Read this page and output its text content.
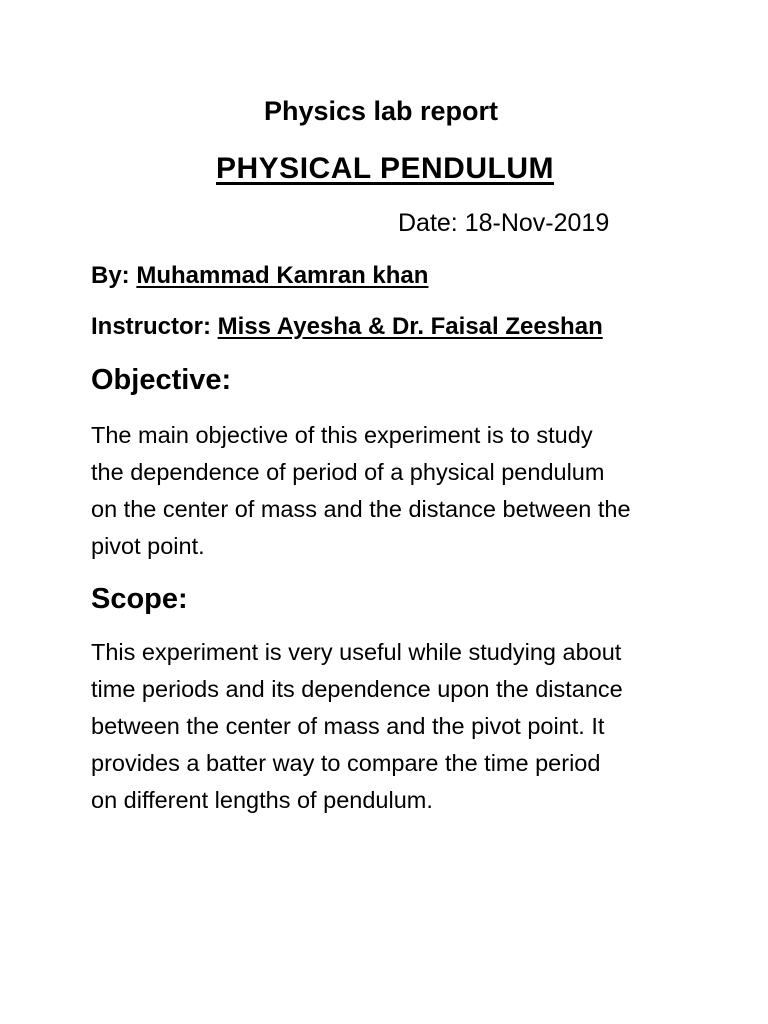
Physics lab report
PHYSICAL PENDULUM
Date: 18-Nov-2019
By: Muhammad Kamran khan
Instructor: Miss Ayesha & Dr. Faisal Zeeshan
Objective:
The main objective of this experiment is to study
the dependence of period of a physical pendulum
on the center of mass and the distance between the
pivot point.
Scope:
This experiment is very useful while studying about
time periods and its dependence upon the distance
between the center of mass and the pivot point. It
provides a batter way to compare the time period
on different lengths of pendulum.
